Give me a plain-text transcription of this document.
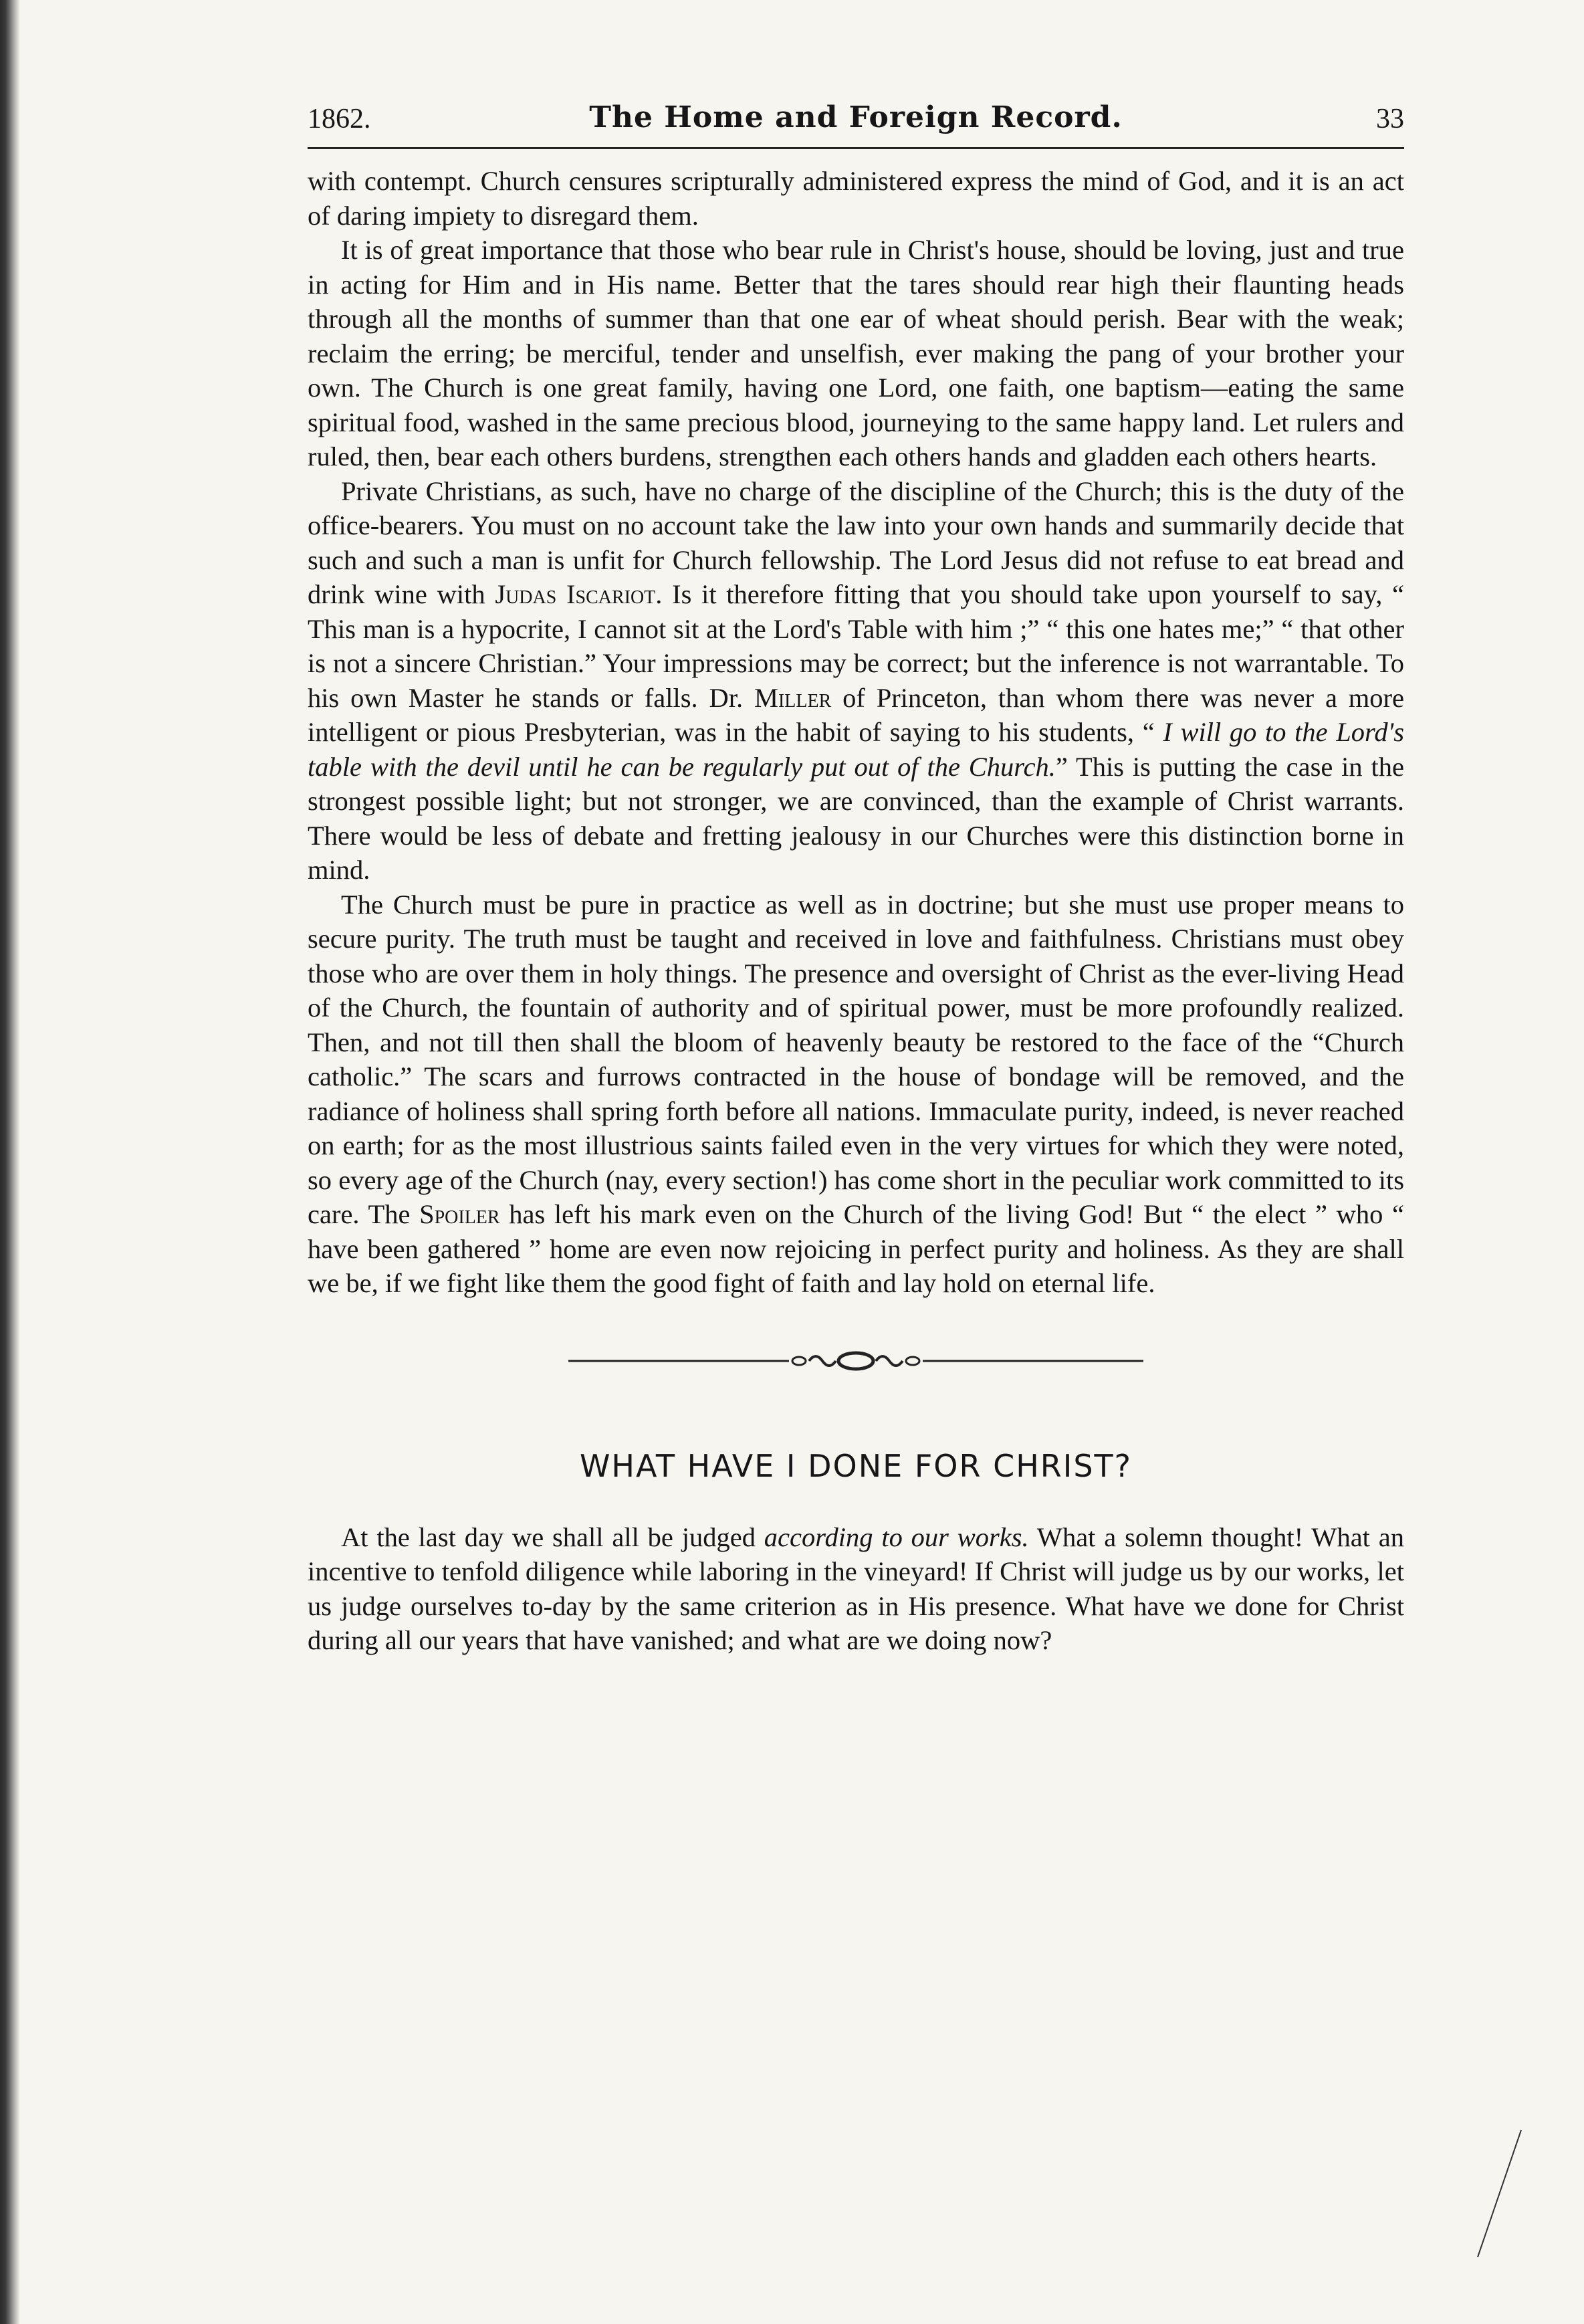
1862.	The Home and Foreign Record.	33

with contempt. Church censures scripturally administered express the mind of God, and it is an act of daring impiety to disregard them.

It is of great importance that those who bear rule in Christ's house, should be loving, just and true in acting for Him and in His name. Better that the tares should rear high their flaunting heads through all the months of summer than that one ear of wheat should perish. Bear with the weak; reclaim the erring; be merciful, tender and unselfish, ever making the pang of your brother your own. The Church is one great family, having one Lord, one faith, one baptism—eating the same spiritual food, washed in the same precious blood, journeying to the same happy land. Let rulers and ruled, then, bear each others burdens, strengthen each others hands and gladden each others hearts.

Private Christians, as such, have no charge of the discipline of the Church; this is the duty of the office-bearers. You must on no account take the law into your own hands and summarily decide that such and such a man is unfit for Church fellowship. The Lord Jesus did not refuse to eat bread and drink wine with Judas Iscariot. Is it therefore fitting that you should take upon yourself to say, “ This man is a hypocrite, I cannot sit at the Lord's Table with him ;” “ this one hates me;” “ that other is not a sincere Christian.” Your impressions may be correct; but the inference is not warrantable. To his own Master he stands or falls. Dr. Miller of Princeton, than whom there was never a more intelligent or pious Presbyterian, was in the habit of saying to his students, “ I will go to the Lord's table with the devil until he can be regularly put out of the Church.” This is putting the case in the strongest possible light; but not stronger, we are convinced, than the example of Christ warrants. There would be less of debate and fretting jealousy in our Churches were this distinction borne in mind.

The Church must be pure in practice as well as in doctrine; but she must use proper means to secure purity. The truth must be taught and received in love and faithfulness. Christians must obey those who are over them in holy things. The presence and oversight of Christ as the ever-living Head of the Church, the fountain of authority and of spiritual power, must be more profoundly realized. Then, and not till then shall the bloom of heavenly beauty be restored to the face of the “Church catholic.” The scars and furrows contracted in the house of bondage will be removed, and the radiance of holiness shall spring forth before all nations. Immaculate purity, indeed, is never reached on earth; for as the most illustrious saints failed even in the very virtues for which they were noted, so every age of the Church (nay, every section!) has come short in the peculiar work committed to its care. The Spoiler has left his mark even on the Church of the living God! But “ the elect ” who “ have been gathered ” home are even now rejoicing in perfect purity and holiness. As they are shall we be, if we fight like them the good fight of faith and lay hold on eternal life.

WHAT HAVE I DONE FOR CHRIST?

At the last day we shall all be judged according to our works. What a solemn thought! What an incentive to tenfold diligence while laboring in the vineyard! If Christ will judge us by our works, let us judge ourselves to-day by the same criterion as in His presence. What have we done for Christ during all our years that have vanished; and what are we doing now?
